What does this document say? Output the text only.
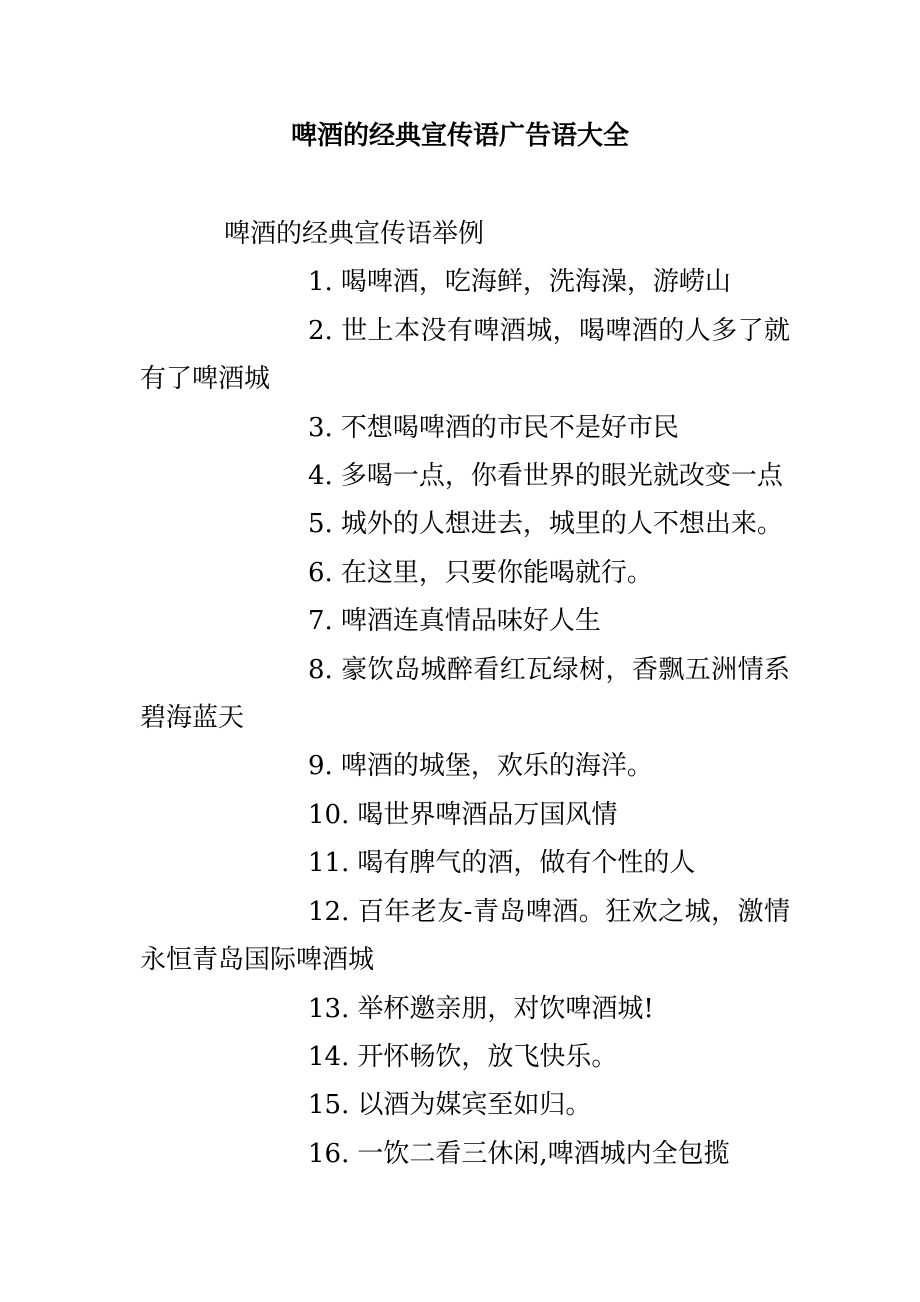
啤酒的经典宣传语广告语大全

啤酒的经典宣传语举例

1. 喝啤酒，吃海鲜，洗海澡，游崂山

2. 世上本没有啤酒城，喝啤酒的人多了就有了啤酒城

3. 不想喝啤酒的市民不是好市民

4. 多喝一点，你看世界的眼光就改变一点

5. 城外的人想进去，城里的人不想出来。

6. 在这里，只要你能喝就行。

7. 啤酒连真情品味好人生

8. 豪饮岛城醉看红瓦绿树，香飘五洲情系碧海蓝天

9. 啤酒的城堡，欢乐的海洋。

10. 喝世界啤酒品万国风情

11. 喝有脾气的酒，做有个性的人

12. 百年老友-青岛啤酒。狂欢之城，激情永恒青岛国际啤酒城

13. 举杯邀亲朋，对饮啤酒城!

14. 开怀畅饮，放飞快乐。

15. 以酒为媒宾至如归。

16. 一饮二看三休闲,啤酒城内全包揽
